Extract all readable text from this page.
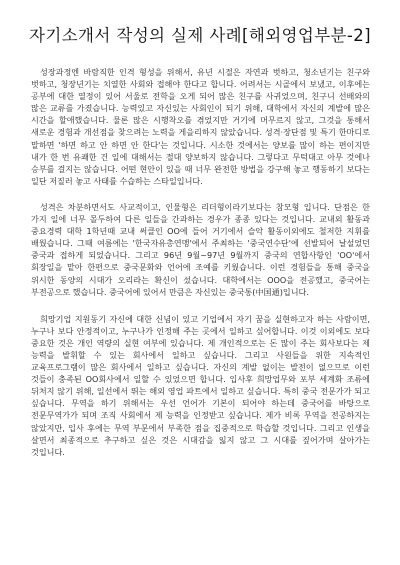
자기소개서 작성의 실제 사례[해외영업부분-2]

성장과정엔 바람직한 인격 형성을 위해서, 유년 시절은 자연과 벗하고, 청소년기는 친구와 벗하고, 청장년기는 치열한 사회와 접해야 한다고 합니다. 어려서는 시골에서 보냈고, 이후에는 공부에 대한 열정이 있어 서울로 전학을 오게 되어 많은 친구를 사귀었으며, 친구니 선배와의 많은 교류를 가졌습니다. 능력있고 자신있는 사회인이 되기 위해, 대학에서 자신의 계발에 많은 시간을 할애했습니다. 물론 많은 시행착오를 겪었지만 거기에 머무르지 않고, 그것을 통해서 새로운 경험과 개선점을 찾으려는 노력을 게을리하지 않았습니다. 성격·장단점 및 특기 한마디로 말하면 '하면 하고 안 하면 안 한다'는 것입니다. 시소한 것에서는 양보를 많이 하는 편이지만 내가 한 번 유쾌한 건 일에 대해서는 절대 양보하지 않습니다. 그렇다고 무턱대고 아무 것에나 승부를 걸지는 않습니다. 어떤 현안이 있을 때 너무 완전한 방법을 강구해 놓고 행동하기 보다는 일단 저질러 놓고 사태를 수습하는 스타일입니다.

성격은 차분하면서도 사교적이고, 인물형은 리더형이라기보다는 참모형 입니다. 단점은 한 가지 일에 너무 몰두하여 다른 일들을 간과하는 경우가 종종 있다는 것입니다. 교내외 활동과 중요경력 대학 1학년때 교내 써클인 OO에 들어 거기에서 슬악 활동이외에도 철저한 지휘를 배웠습니다. 그때 여름에는 '한국자유총연맹'에서 주최하는 '중국연수단'에 선발되어 날설었던 중국과 접하게 되었습니다. 그리고 96년 9월~97년 9월까지 중국의 연합사항인 'OO'에서 회장일을 맡아 한편으로 중국문화와 언어에 조예를 키웠습니다. 이런 경험들을 통해 중국을 위시한 동양의 시대가 오리라는 확신이 섰습니다. 대학에서는 OOO을 전공했고, 중국어는 부전공으로 했습니다. 중국어에 있어서 만큼은 자신있는 중국통(中国通)입니다.

희망기업 지원동기 자신에 대한 신념이 있고 기업에서 자기 꿈을 실현하고자 하는 사람이면, 누구나 보다 안정적이고, 누구나가 인정해 주는 곳에서 일하고 싶어합니다. 이것 이외에도 보다 중요한 것은 개인 역량의 실현 여부에 있습니다. 제 개인적으로는 돈 많이 주는 회사보다는 제 능력을 발휘할 수 있는 회사에서 일하고 싶습니다. 그리고 사원들을 위한 지속적인 교육프로그램이 많은 회사에서 일하고 싶습니다. 자신의 계발 없이는 발전이 없으므로 이런 것들이 충족된 OO회사에서 일할 수 있었으면 합니다. 입사후 희망업무와 포부 세계화 조류에 뒤처지 않기 위해, 일선에서 뛰는 해외 영업 파트에서 일하고 싶습니다. 특히 중국 전문가가 되고 싶습니다. 무역을 하기 위해서는 우선 언어가 기본이 되어야 하는데 중국어를 바탕으로 전문무역가가 되며 조직 사회에서 제 능력을 인정받고 싶습니다. 제가 비록 무역을 전공하지는 않았지만, 입사 후에는 무역 부문에서 부족한 점을 집중적으로 학습할 것입니다. 그리고 인생을 살면서 최종적으로 추구하고 싶은 것은 시대감을 잃지 않고 그 시대를 짚어가며 살아가는 것입니다.
